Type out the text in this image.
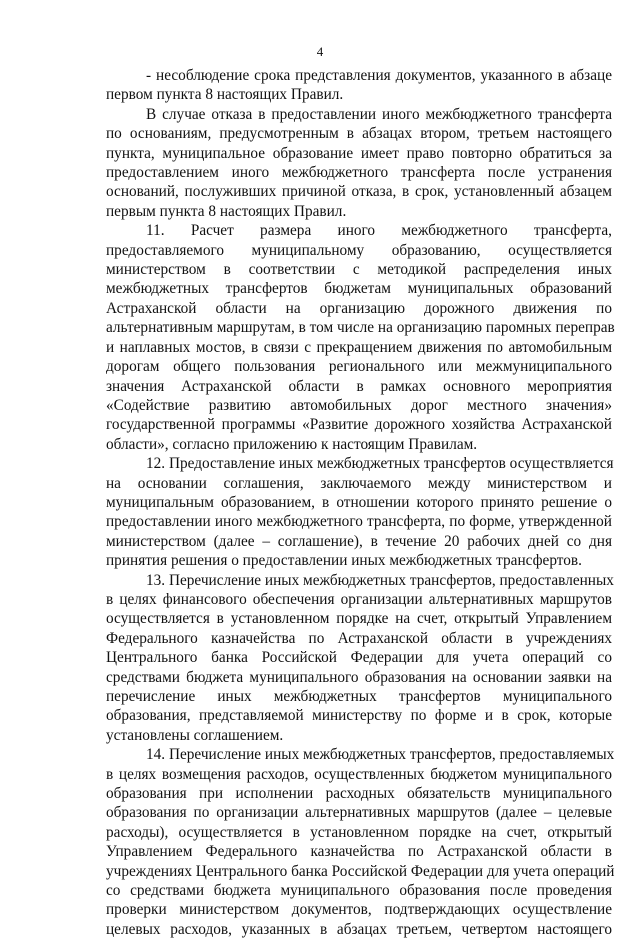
4

- несоблюдение срока представления документов, указанного в абзаце
первом пункта 8 настоящих Правил.

В случае отказа в предоставлении иного межбюджетного трансферта
по основаниям, предусмотренным в абзацах втором, третьем настоящего
пункта, муниципальное образование имеет право повторно обратиться за
предоставлением иного межбюджетного трансферта после устранения
оснований, послуживших причиной отказа, в срок, установленный абзацем
первым пункта 8 настоящих Правил.

11. Расчет размера иного межбюджетного трансферта,
предоставляемого муниципальному образованию, осуществляется
министерством в соответствии с методикой распределения иных
межбюджетных трансфертов бюджетам муниципальных образований
Астраханской области на организацию дорожного движения по
альтернативным маршрутам, в том числе на организацию паромных переправ
и наплавных мостов, в связи с прекращением движения по автомобильным
дорогам общего пользования регионального или межмуниципального
значения Астраханской области в рамках основного мероприятия
«Содействие развитию автомобильных дорог местного значения»
государственной программы «Развитие дорожного хозяйства Астраханской
области», согласно приложению к настоящим Правилам.

12. Предоставление иных межбюджетных трансфертов осуществляется
на основании соглашения, заключаемого между министерством и
муниципальным образованием, в отношении которого принято решение о
предоставлении иного межбюджетного трансферта, по форме, утвержденной
министерством (далее – соглашение), в течение 20 рабочих дней со дня
принятия решения о предоставлении иных межбюджетных трансфертов.

13. Перечисление иных межбюджетных трансфертов, предоставленных
в целях финансового обеспечения организации альтернативных маршрутов
осуществляется в установленном порядке на счет, открытый Управлением
Федерального казначейства по Астраханской области в учреждениях
Центрального банка Российской Федерации для учета операций со
средствами бюджета муниципального образования на основании заявки на
перечисление иных межбюджетных трансфертов муниципального
образования, представляемой министерству по форме и в срок, которые
установлены соглашением.

14. Перечисление иных межбюджетных трансфертов, предоставляемых
в целях возмещения расходов, осуществленных бюджетом муниципального
образования при исполнении расходных обязательств муниципального
образования по организации альтернативных маршрутов (далее – целевые
расходы), осуществляется в установленном порядке на счет, открытый
Управлением Федерального казначейства по Астраханской области в
учреждениях Центрального банка Российской Федерации для учета операций
со средствами бюджета муниципального образования после проведения
проверки министерством документов, подтверждающих осуществление
целевых расходов, указанных в абзацах третьем, четвертом настоящего
